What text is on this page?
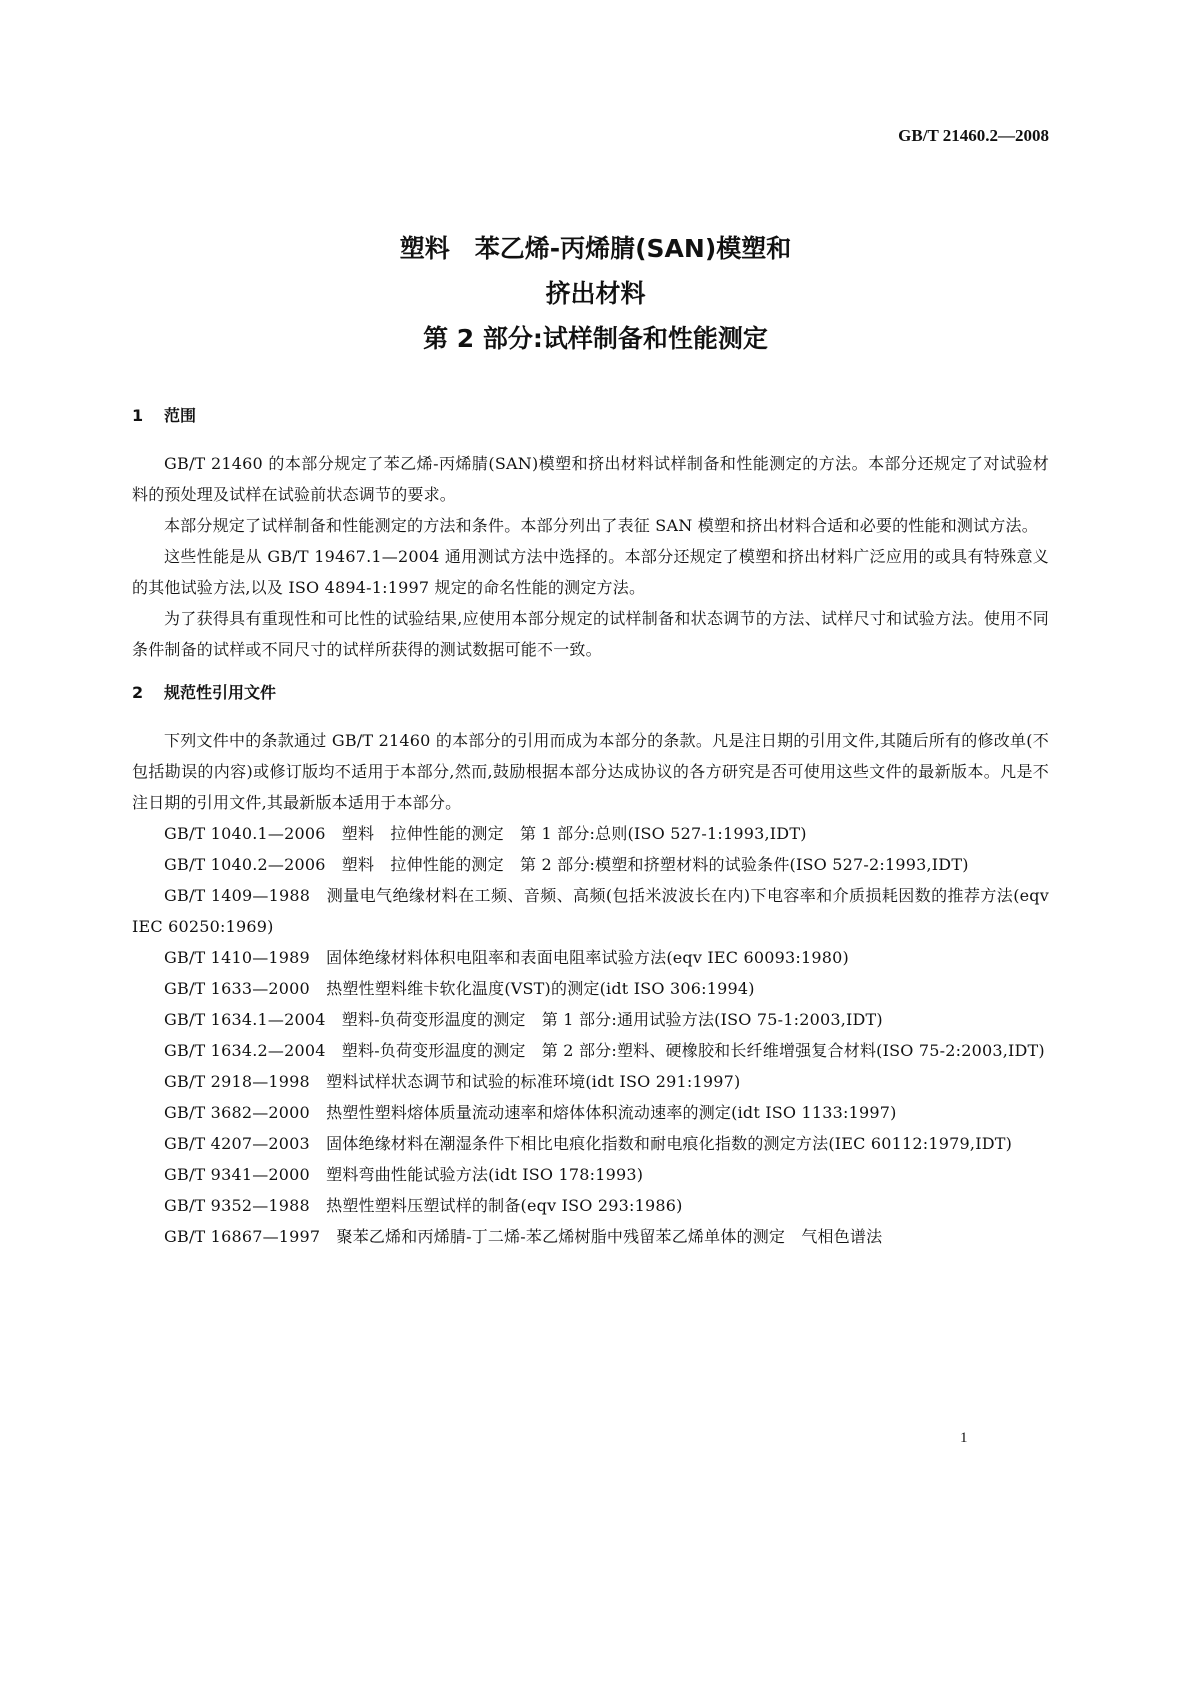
GB/T 21460.2—2008
塑料　苯乙烯-丙烯腈(SAN)模塑和
挤出材料
第 2 部分:试样制备和性能测定
1 范围

GB/T 21460 的本部分规定了苯乙烯-丙烯腈(SAN)模塑和挤出材料试样制备和性能测定的方法。本部分还规定了对试验材料的预处理及试样在试验前状态调节的要求。

本部分规定了试样制备和性能测定的方法和条件。本部分列出了表征 SAN 模塑和挤出材料合适和必要的性能和测试方法。

这些性能是从 GB/T 19467.1—2004 通用测试方法中选择的。本部分还规定了模塑和挤出材料广泛应用的或具有特殊意义的其他试验方法,以及 ISO 4894-1:1997 规定的命名性能的测定方法。

为了获得具有重现性和可比性的试验结果,应使用本部分规定的试样制备和状态调节的方法、试样尺寸和试验方法。使用不同条件制备的试样或不同尺寸的试样所获得的测试数据可能不一致。

2 规范性引用文件

下列文件中的条款通过 GB/T 21460 的本部分的引用而成为本部分的条款。凡是注日期的引用文件,其随后所有的修改单(不包括勘误的内容)或修订版均不适用于本部分,然而,鼓励根据本部分达成协议的各方研究是否可使用这些文件的最新版本。凡是不注日期的引用文件,其最新版本适用于本部分。

GB/T 1040.1—2006　塑料　拉伸性能的测定　第 1 部分:总则(ISO 527-1:1993,IDT)

GB/T 1040.2—2006　塑料　拉伸性能的测定　第 2 部分:模塑和挤塑材料的试验条件(ISO 527-2:1993,IDT)

GB/T 1409—1988　测量电气绝缘材料在工频、音频、高频(包括米波波长在内)下电容率和介质损耗因数的推荐方法(eqv IEC 60250:1969)

GB/T 1410—1989　固体绝缘材料体积电阻率和表面电阻率试验方法(eqv IEC 60093:1980)

GB/T 1633—2000　热塑性塑料维卡软化温度(VST)的测定(idt ISO 306:1994)

GB/T 1634.1—2004　塑料-负荷变形温度的测定　第 1 部分:通用试验方法(ISO 75-1:2003,IDT)

GB/T 1634.2—2004　塑料-负荷变形温度的测定　第 2 部分:塑料、硬橡胶和长纤维增强复合材料(ISO 75-2:2003,IDT)

GB/T 2918—1998　塑料试样状态调节和试验的标准环境(idt ISO 291:1997)

GB/T 3682—2000　热塑性塑料熔体质量流动速率和熔体体积流动速率的测定(idt ISO 1133:1997)

GB/T 4207—2003　固体绝缘材料在潮湿条件下相比电痕化指数和耐电痕化指数的测定方法(IEC 60112:1979,IDT)

GB/T 9341—2000　塑料弯曲性能试验方法(idt ISO 178:1993)

GB/T 9352—1988　热塑性塑料压塑试样的制备(eqv ISO 293:1986)

GB/T 16867—1997　聚苯乙烯和丙烯腈-丁二烯-苯乙烯树脂中残留苯乙烯单体的测定　气相色谱法

1
